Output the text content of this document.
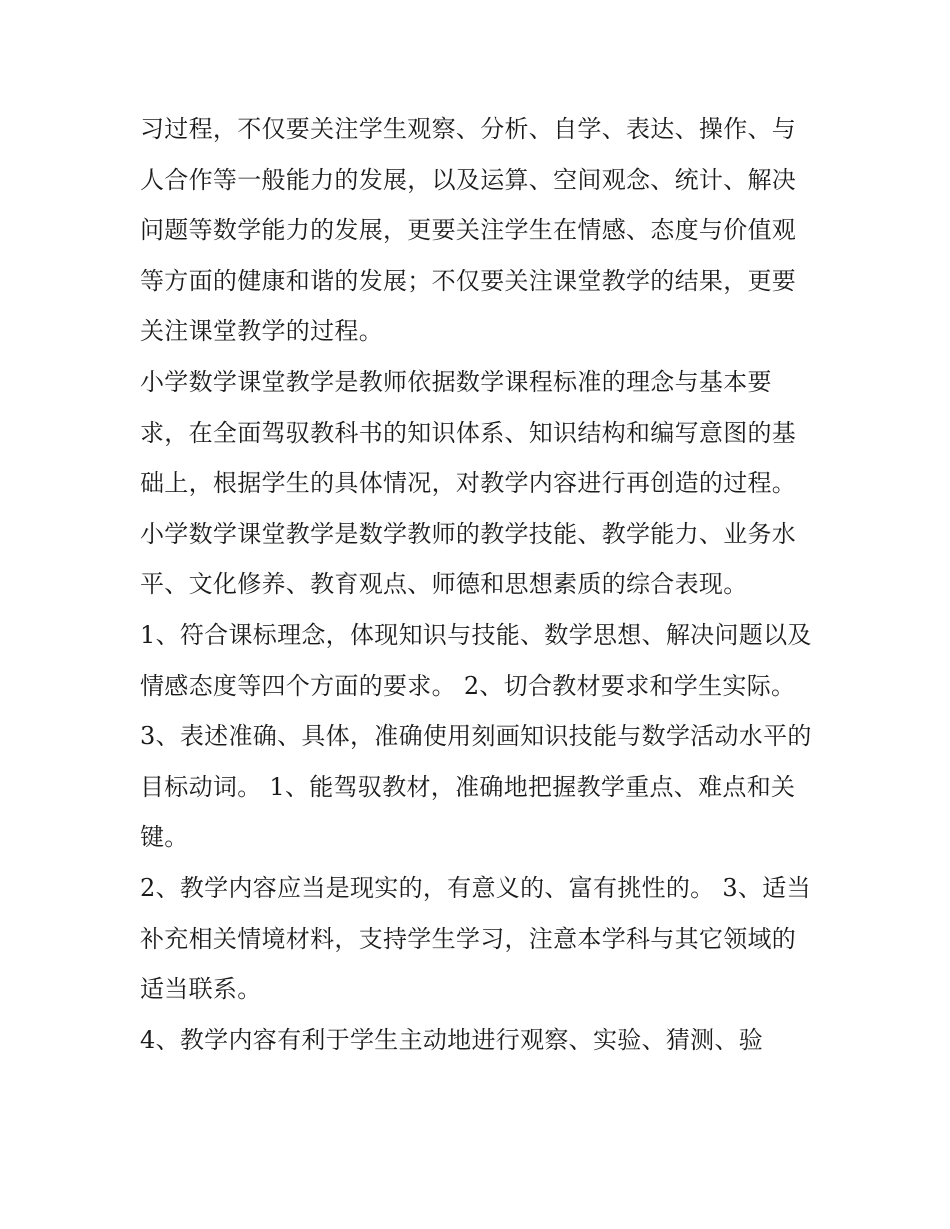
习过程，不仅要关注学生观察、分析、自学、表达、操作、与人合作等一般能力的发展，以及运算、空间观念、统计、解决问题等数学能力的发展，更要关注学生在情感、态度与价值观等方面的健康和谐的发展；不仅要关注课堂教学的结果，更要关注课堂教学的过程。

小学数学课堂教学是教师依据数学课程标准的理念与基本要求，在全面驾驭教科书的知识体系、知识结构和编写意图的基础上，根据学生的具体情况，对教学内容进行再创造的过程。

小学数学课堂教学是数学教师的教学技能、教学能力、业务水平、文化修养、教育观点、师德和思想素质的综合表现。

1、符合课标理念，体现知识与技能、数学思想、解决问题以及情感态度等四个方面的要求。 2、切合教材要求和学生实际。

3、表述准确、具体，准确使用刻画知识技能与数学活动水平的目标动词。 1、能驾驭教材，准确地把握教学重点、难点和关键。

2、教学内容应当是现实的，有意义的、富有挑性的。 3、适当补充相关情境材料，支持学生学习，注意本学科与其它领域的适当联系。

4、教学内容有利于学生主动地进行观察、实验、猜测、验
